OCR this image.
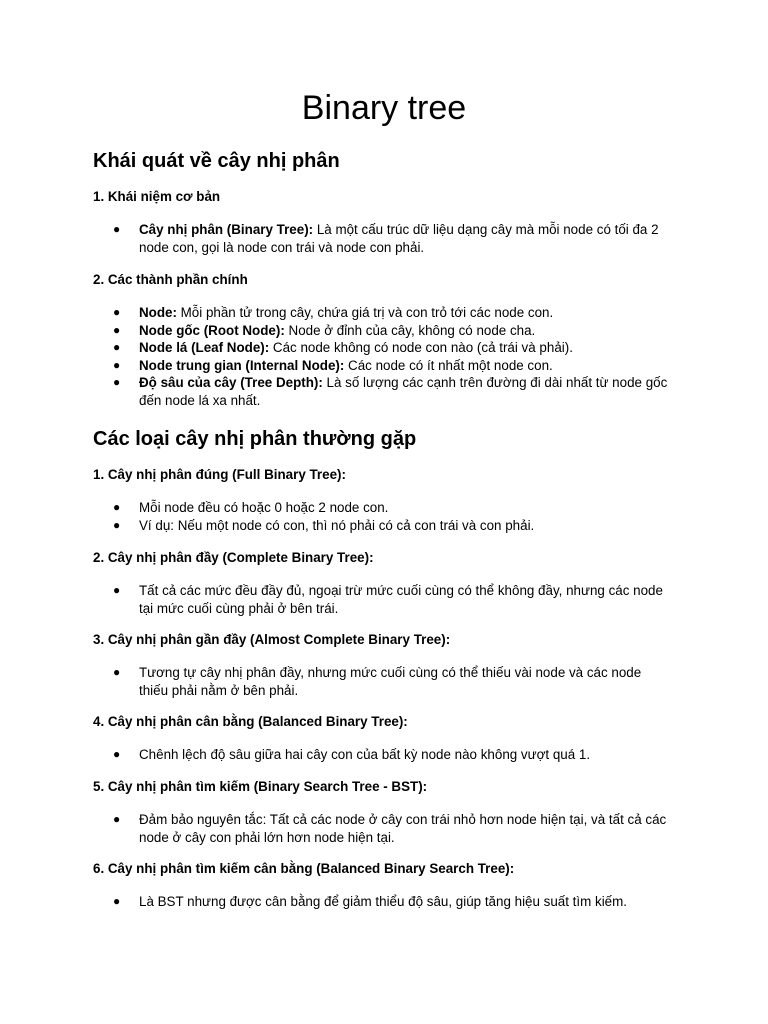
Binary tree
Khái quát về cây nhị phân
1. Khái niệm cơ bản
● Cây nhị phân (Binary Tree): Là một cấu trúc dữ liệu dạng cây mà mỗi node có tối đa 2 node con, gọi là node con trái và node con phải.
2. Các thành phần chính
● Node: Mỗi phần tử trong cây, chứa giá trị và con trỏ tới các node con.
● Node gốc (Root Node): Node ở đỉnh của cây, không có node cha.
● Node lá (Leaf Node): Các node không có node con nào (cả trái và phải).
● Node trung gian (Internal Node): Các node có ít nhất một node con.
● Độ sâu của cây (Tree Depth): Là số lượng các cạnh trên đường đi dài nhất từ node gốc đến node lá xa nhất.
Các loại cây nhị phân thường gặp
1. Cây nhị phân đúng (Full Binary Tree):
● Mỗi node đều có hoặc 0 hoặc 2 node con.
● Ví dụ: Nếu một node có con, thì nó phải có cả con trái và con phải.
2. Cây nhị phân đầy (Complete Binary Tree):
● Tất cả các mức đều đầy đủ, ngoại trừ mức cuối cùng có thể không đầy, nhưng các node tại mức cuối cùng phải ở bên trái.
3. Cây nhị phân gần đầy (Almost Complete Binary Tree):
● Tương tự cây nhị phân đầy, nhưng mức cuối cùng có thể thiếu vài node và các node thiếu phải nằm ở bên phải.
4. Cây nhị phân cân bằng (Balanced Binary Tree):
● Chênh lệch độ sâu giữa hai cây con của bất kỳ node nào không vượt quá 1.
5. Cây nhị phân tìm kiếm (Binary Search Tree - BST):
● Đảm bảo nguyên tắc: Tất cả các node ở cây con trái nhỏ hơn node hiện tại, và tất cả các node ở cây con phải lớn hơn node hiện tại.
6. Cây nhị phân tìm kiếm cân bằng (Balanced Binary Search Tree):
● Là BST nhưng được cân bằng để giảm thiểu độ sâu, giúp tăng hiệu suất tìm kiếm.
